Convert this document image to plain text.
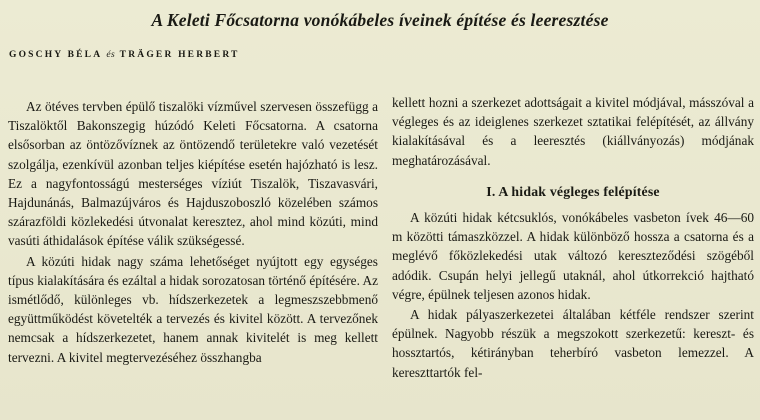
A Keleti Főcsatorna vonókábeles íveinek építése és leeresztése
GOSCHY BÉLA és TRÄGER HERBERT

Az ötéves tervben épülő tiszalöki vízművel szervesen összefügg a Tiszalöktől Bakonszegig húzódó Keleti Főcsatorna. A csatorna elsősorban az öntözővíznek az öntözendő területekre való vezetését szolgálja, ezenkívül azonban teljes kiépítése esetén hajózható is lesz. Ez a nagyfontosságú mesterséges víziút Tiszalök, Tiszavasvári, Hajdunánás, Balmazújváros és Hajduszoboszló közelében számos szárazföldi közlekedési útvonalat keresztez, ahol mind közúti, mind vasúti áthidalások építése válik szükségessé.

A közúti hidak nagy száma lehetőséget nyújtott egy egységes típus kialakítására és ezáltal a hidak sorozatosan történő építésére. Az ismétlődő, különleges vb. hídszerkezetek a legmeszszebbmenő együttműködést követelték a tervezés és kivitel között. A tervezőnek nemcsak a hídszerkezetet, hanem annak kivitelét is meg kellett tervezni. A kivitel megtervezéséhez összhangba

kellett hozni a szerkezet adottságait a kivitel módjával, másszóval a végleges és az ideiglenes szerkezet sztatikai felépítését, az állvány kialakításával és a leeresztés (kiállványozás) módjának meghatározásával.

I. A hidak végleges felépítése

A közúti hidak kétcsuklós, vonókábeles vasbeton ívek 46—60 m közötti támaszközzel. A hidak különböző hossza a csatorna és a meglévő főközlekedési utak változó kereszteződési szögéből adódik. Csupán helyi jellegű utaknál, ahol útkorrekció hajtható végre, épülnek teljesen azonos hidak.

A hidak pályaszerkezetei általában kétféle rendszer szerint épülnek. Nagyobb részük a megszokott szerkezetű: kereszt- és hossztartós, kétirányban teherbíró vasbeton lemezzel. A kereszttartók fel-
